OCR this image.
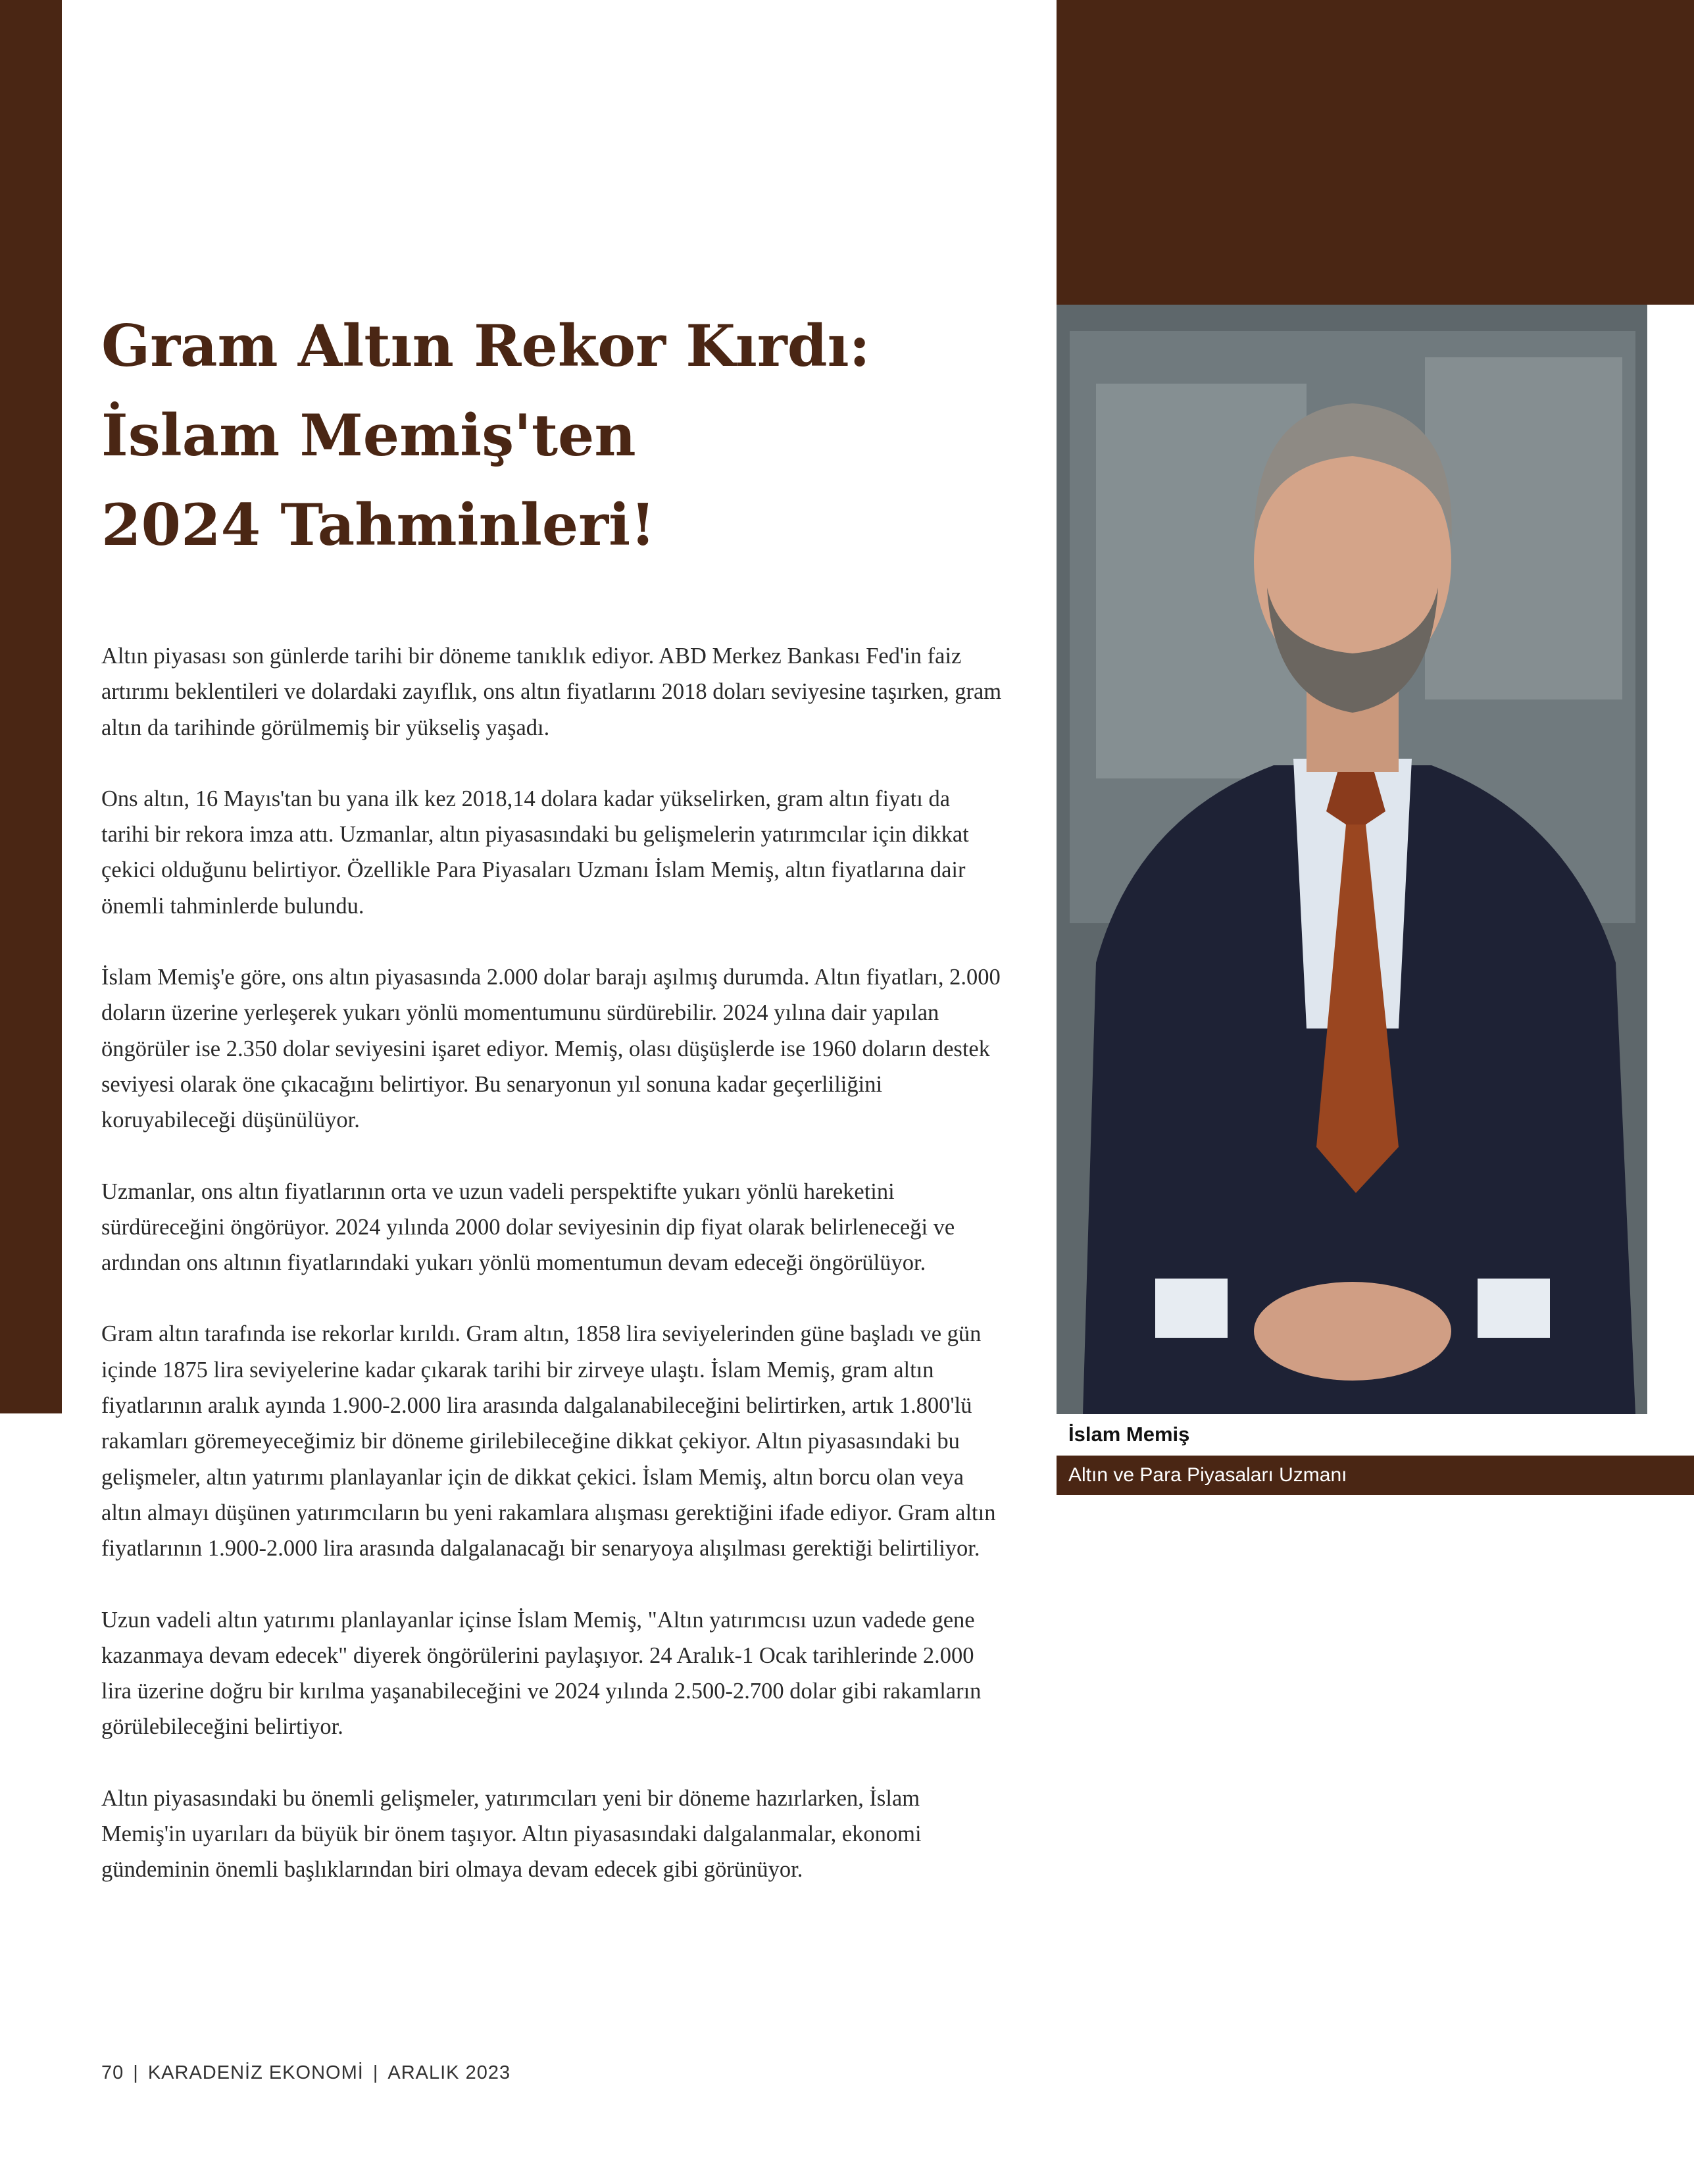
Gram Altın Rekor Kırdı:
İslam Memiş'ten
2024 Tahminleri!

Altın piyasası son günlerde tarihi bir döneme tanıklık ediyor. ABD Merkez Bankası Fed'in faiz artırımı beklentileri ve dolardaki zayıflık, ons altın fiyatlarını 2018 doları seviyesine taşırken, gram altın da tarihinde görülmemiş bir yükseliş yaşadı.

Ons altın, 16 Mayıs'tan bu yana ilk kez 2018,14 dolara kadar yükselirken, gram altın fiyatı da tarihi bir rekora imza attı. Uzmanlar, altın piyasasındaki bu gelişmelerin yatırımcılar için dikkat çekici olduğunu belirtiyor. Özellikle Para Piyasaları Uzmanı İslam Memiş, altın fiyatlarına dair önemli tahminlerde bulundu.

İslam Memiş'e göre, ons altın piyasasında 2.000 dolar barajı aşılmış durumda. Altın fiyatları, 2.000 doların üzerine yerleşerek yukarı yönlü momentumunu sürdürebilir. 2024 yılına dair yapılan öngörüler ise 2.350 dolar seviyesini işaret ediyor. Memiş, olası düşüşlerde ise 1960 doların destek seviyesi olarak öne çıkacağını belirtiyor. Bu senaryonun yıl sonuna kadar geçerliliğini koruyabileceği düşünülüyor.

Uzmanlar, ons altın fiyatlarının orta ve uzun vadeli perspektifte yukarı yönlü hareketini sürdüreceğini öngörüyor. 2024 yılında 2000 dolar seviyesinin dip fiyat olarak belirleneceği ve ardından ons altının fiyatlarındaki yukarı yönlü momentumun devam edeceği öngörülüyor.

Gram altın tarafında ise rekorlar kırıldı. Gram altın, 1858 lira seviyelerinden güne başladı ve gün içinde 1875 lira seviyelerine kadar çıkarak tarihi bir zirveye ulaştı. İslam Memiş, gram altın fiyatlarının aralık ayında 1.900-2.000 lira arasında dalgalanabileceğini belirtirken, artık 1.800'lü rakamları göremeyeceğimiz bir döneme girilebileceğine dikkat çekiyor. Altın piyasasındaki bu gelişmeler, altın yatırımı planlayanlar için de dikkat çekici. İslam Memiş, altın borcu olan veya altın almayı düşünen yatırımcıların bu yeni rakamlara alışması gerektiğini ifade ediyor. Gram altın fiyatlarının 1.900-2.000 lira arasında dalgalanacağı bir senaryoya alışılması gerektiği belirtiliyor.

Uzun vadeli altın yatırımı planlayanlar içinse İslam Memiş, "Altın yatırımcısı uzun vadede gene kazanmaya devam edecek" diyerek öngörülerini paylaşıyor. 24 Aralık-1 Ocak tarihlerinde 2.000 lira üzerine doğru bir kırılma yaşanabileceğini ve 2024 yılında 2.500-2.700 dolar gibi rakamların görülebileceğini belirtiyor.

Altın piyasasındaki bu önemli gelişmeler, yatırımcıları yeni bir döneme hazırlarken, İslam Memiş'in uyarıları da büyük bir önem taşıyor. Altın piyasasındaki dalgalanmalar, ekonomi gündeminin önemli başlıklarından biri olmaya devam edecek gibi görünüyor.

İslam Memiş

Altın ve Para Piyasaları Uzmanı
70 | KARADENİZ EKONOMİ | ARALIK 2023
